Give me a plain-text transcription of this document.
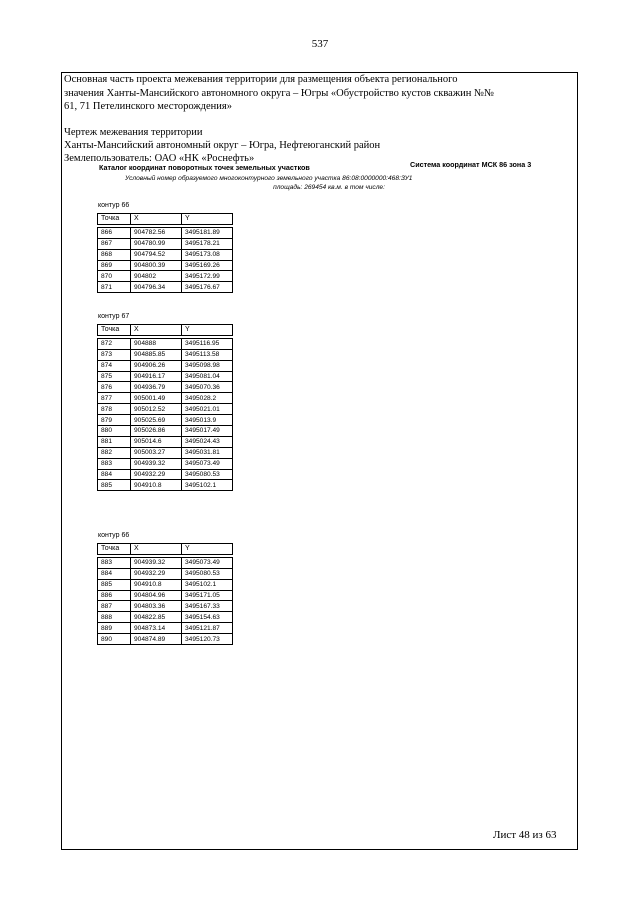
537
Основная часть проекта межевания территории для размещения объекта регионального
значения Ханты-Мансийского автономного округа – Югры «Обустройство кустов скважин №№
61, 71 Петелинского месторождения»
Чертеж межевания территории
Ханты-Мансийский автономный округ – Югра, Нефтеюганский район
Землепользователь: ОАО «НК «Роснефть»
Каталог координат поворотных точек земельных участков	Система координат МСК 86 зона 3
Условный номер образуемого многоконтурного земельного участка 86:08:0000000:468:ЗУ1
площадь: 269454 кв.м. в том числе:
контур 66
Точка	X	Y

866	904782.56	3495181.89
867	904780.99	3495178.21
868	904794.52	3495173.08
869	904800.39	3495169.26
870	904802	3495172.99
871	904796.34	3495176.67
контур 67
Точка	X	Y

872	904888	3495116.95
873	904885.85	3495113.58
874	904906.26	3495098.98
875	904916.17	3495081.04
876	904936.79	3495070.36
877	905001.49	3495028.2
878	905012.52	3495021.01
879	905025.69	3495013.9
880	905026.86	3495017.49
881	905014.6	3495024.43
882	905003.27	3495031.81
883	904939.32	3495073.49
884	904932.29	3495080.53
885	904910.8	3495102.1
контур 66
Точка	X	Y

883	904939.32	3495073.49
884	904932.29	3495080.53
885	904910.8	3495102.1
886	904804.96	3495171.05
887	904803.36	3495167.33
888	904822.85	3495154.63
889	904873.14	3495121.87
890	904874.89	3495120.73
Лист 48 из 63
